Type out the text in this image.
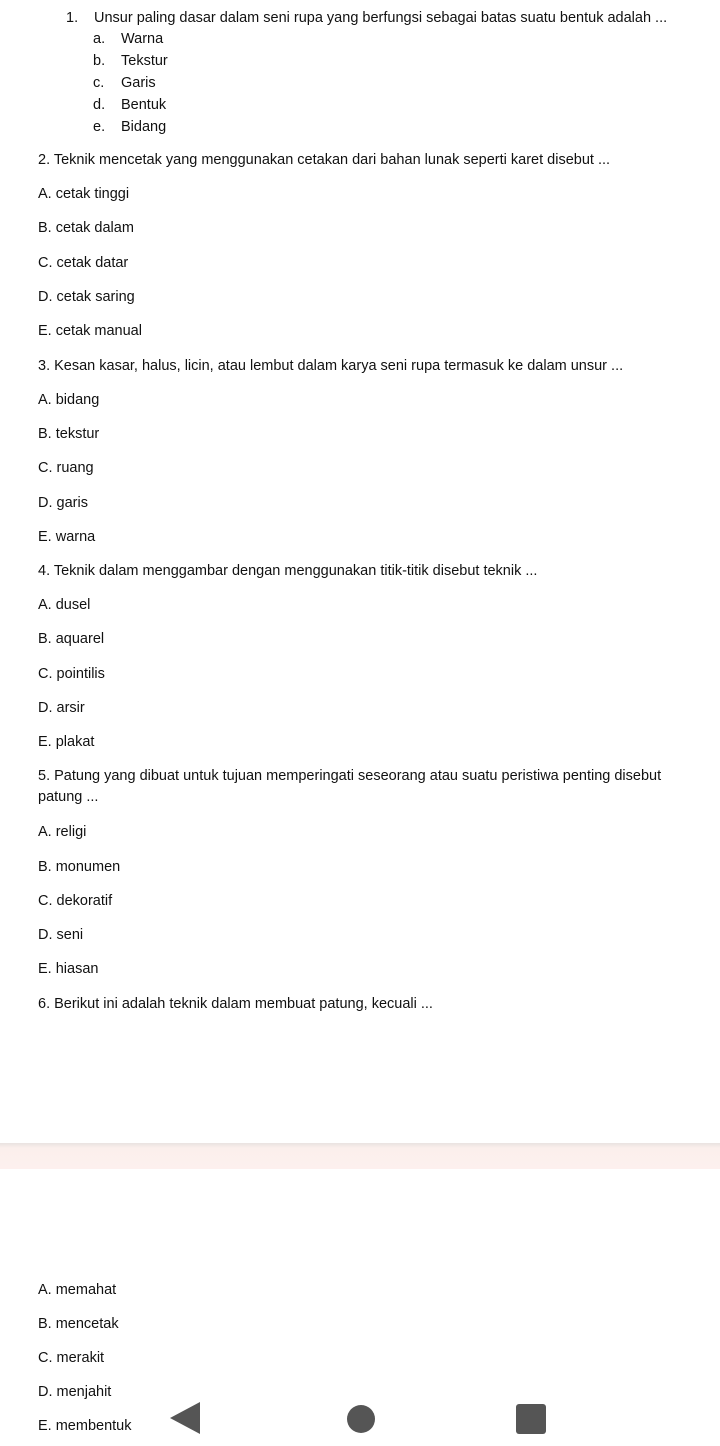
1. Unsur paling dasar dalam seni rupa yang berfungsi sebagai batas suatu bentuk adalah ...
a. Warna
b. Tekstur
c. Garis
d. Bentuk
e. Bidang
2. Teknik mencetak yang menggunakan cetakan dari bahan lunak seperti karet disebut ...
A. cetak tinggi
B. cetak dalam
C. cetak datar
D. cetak saring
E. cetak manual
3. Kesan kasar, halus, licin, atau lembut dalam karya seni rupa termasuk ke dalam unsur ...
A. bidang
B. tekstur
C. ruang
D. garis
E. warna
4. Teknik dalam menggambar dengan menggunakan titik-titik disebut teknik ...
A. dusel
B. aquarel
C. pointilis
D. arsir
E. plakat
5. Patung yang dibuat untuk tujuan memperingati seseorang atau suatu peristiwa penting disebut patung ...
A. religi
B. monumen
C. dekoratif
D. seni
E. hiasan
6. Berikut ini adalah teknik dalam membuat patung, kecuali ...
A. memahat
B. mencetak
C. merakit
D. menjahit
E. membentuk
